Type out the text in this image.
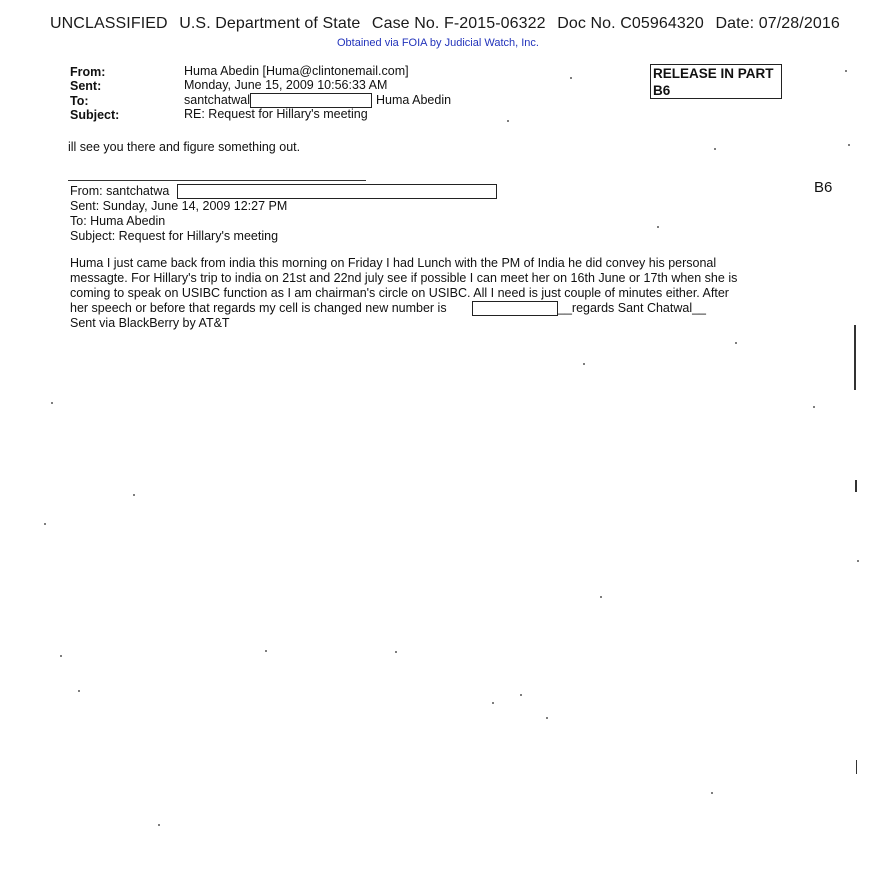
UNCLASSIFIED U.S. Department of State Case No. F-2015-06322 Doc No. C05964320 Date: 07/28/2016
Obtained via FOIA by Judicial Watch, Inc.
RELEASE IN PART
B6
B6
From:	Huma Abedin [Huma@clintonemail.com]
Sent:	Monday, June 15, 2009 10:56:33 AM
To:	santchatwal	Huma Abedin
Subject:	RE: Request for Hillary's meeting
ill see you there and figure something out.
From: santchatwa
Sent: Sunday, June 14, 2009 12:27 PM
To: Huma Abedin
Subject: Request for Hillary's meeting
Huma I just came back from india this morning on Friday I had Lunch with the PM of India he did convey his personal
messagte. For Hillary's trip to india on 21st and 22nd july see if possible I can meet her on 16th June or 17th when she is
coming to speak on USIBC function as I am chairman's circle on USIBC. All I need is just couple of minutes either. After
her speech or before that regards my cell is changed new number is	__regards Sant Chatwal__
Sent via BlackBerry by AT&T
